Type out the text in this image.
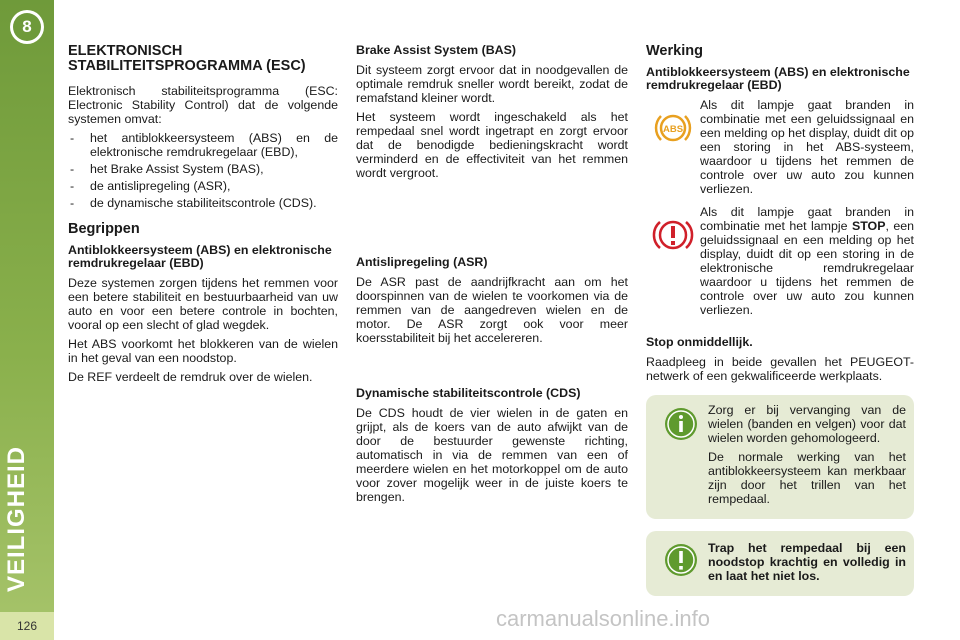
8
VEILIGHEID
126
ELEKTRONISCH STABILITEITSPROGRAMMA (ESC)

Elektronisch stabiliteitsprogramma (ESC: Electronic Stability Control) dat de volgende systemen omvat:

- het antiblokkeersysteem (ABS) en de elektronische remdrukregelaar (EBD),
- het Brake Assist System (BAS),
- de antislipregeling (ASR),
- de dynamische stabiliteitscontrole (CDS).
Begrippen
Antiblokkeersysteem (ABS) en elektronische remdrukregelaar (EBD)

Deze systemen zorgen tijdens het remmen voor een betere stabiliteit en bestuurbaarheid van uw auto en voor een betere controle in bochten, vooral op een slecht of glad wegdek.

Het ABS voorkomt het blokkeren van de wielen in het geval van een noodstop.

De REF verdeelt de remdruk over de wielen.

Brake Assist System (BAS)

Dit systeem zorgt ervoor dat in noodgevallen de optimale remdruk sneller wordt bereikt, zodat de remafstand kleiner wordt.

Het systeem wordt ingeschakeld als het rempedaal snel wordt ingetrapt en zorgt ervoor dat de benodigde bedieningskracht wordt verminderd en de effectiviteit van het remmen wordt vergroot.

Antislipregeling (ASR)

De ASR past de aandrijfkracht aan om het doorspinnen van de wielen te voorkomen via de remmen van de aangedreven wielen en de motor. De ASR zorgt ook voor meer koersstabiliteit bij het accelereren.

Dynamische stabiliteitscontrole (CDS)

De CDS houdt de vier wielen in de gaten en grijpt, als de koers van de auto afwijkt van de door de bestuurder gewenste richting, automatisch in via de remmen van een of meerdere wielen en het motorkoppel om de auto voor zover mogelijk weer in de juiste koers te brengen.

Werking
Antiblokkeersysteem (ABS) en elektronische remdrukregelaar (EBD)
ABS

Als dit lampje gaat branden in combinatie met een geluidssignaal en een melding op het display, duidt dit op een storing in het ABS-systeem, waardoor u tijdens het remmen de controle over uw auto zou kunnen verliezen.

Als dit lampje gaat branden in combinatie met het lampje STOP, een geluidssignaal en een melding op het display, duidt dit op een storing in de elektronische remdrukregelaar waardoor u tijdens het remmen de controle over uw auto zou kunnen verliezen.

Stop onmiddellijk.

Raadpleeg in beide gevallen het PEUGEOT-netwerk of een gekwalificeerde werkplaats.

Zorg er bij vervanging van de wielen (banden en velgen) voor dat wielen worden gehomologeerd.

De normale werking van het antiblokkeersysteem kan merkbaar zijn door het trillen van het rempedaal.

Trap het rempedaal bij een noodstop krachtig en volledig in en laat het niet los.

carmanualsonline.info
